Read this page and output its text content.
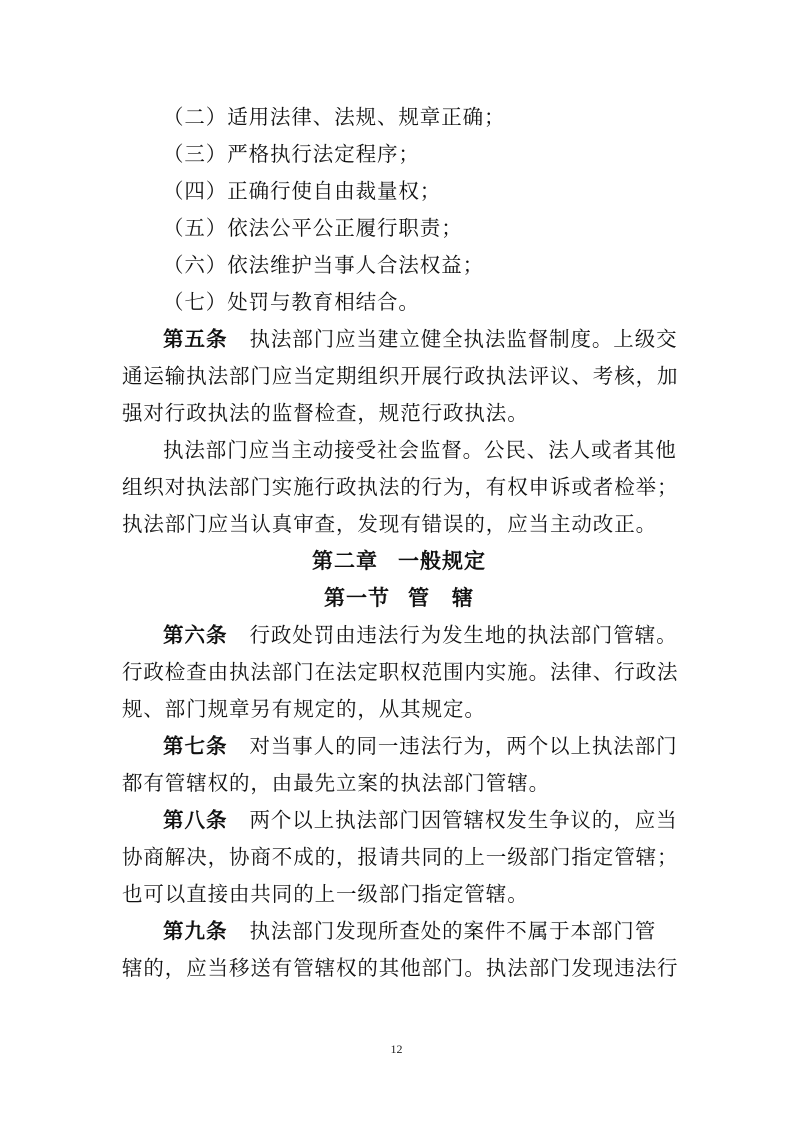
（二）适用法律、法规、规章正确；
（三）严格执行法定程序；
（四）正确行使自由裁量权；
（五）依法公平公正履行职责；
（六）依法维护当事人合法权益；
（七）处罚与教育相结合。
第五条 执法部门应当建立健全执法监督制度。上级交
通运输执法部门应当定期组织开展行政执法评议、考核，加
强对行政执法的监督检查，规范行政执法。
执法部门应当主动接受社会监督。公民、法人或者其他
组织对执法部门实施行政执法的行为，有权申诉或者检举；
执法部门应当认真审查，发现有错误的，应当主动改正。
第二章 一般规定
第一节 管　辖
第六条 行政处罚由违法行为发生地的执法部门管辖。
行政检查由执法部门在法定职权范围内实施。法律、行政法
规、部门规章另有规定的，从其规定。
第七条 对当事人的同一违法行为，两个以上执法部门
都有管辖权的，由最先立案的执法部门管辖。
第八条 两个以上执法部门因管辖权发生争议的，应当
协商解决，协商不成的，报请共同的上一级部门指定管辖；
也可以直接由共同的上一级部门指定管辖。
第九条 执法部门发现所查处的案件不属于本部门管
辖的，应当移送有管辖权的其他部门。执法部门发现违法行
12
